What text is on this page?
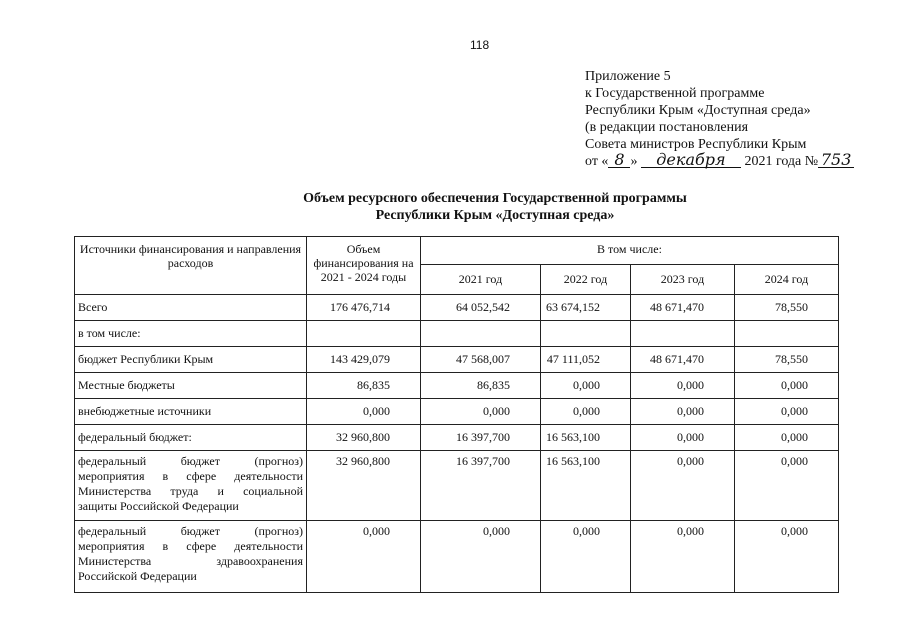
118
Приложение 5
к Государственной программе
Республики Крым «Доступная среда»
(в редакции постановления
Совета министров Республики Крым
от « 8 » декабря 2021 года № 753
Объем ресурсного обеспечения Государственной программы
Республики Крым «Доступная среда»
Источники финансирования и направления расходов	Объем финансирования на 2021 - 2024 годы	В том числе:			
		2021 год	2022 год	2023 год	2024 год
Всего	176 476,714	64 052,542	63 674,152	48 671,470	78,550
в том числе:					
бюджет Республики Крым	143 429,079	47 568,007	47 111,052	48 671,470	78,550
Местные бюджеты	86,835	86,835	0,000	0,000	0,000
внебюджетные источники	0,000	0,000	0,000	0,000	0,000
федеральный бюджет:	32 960,800	16 397,700	16 563,100	0,000	0,000

федеральный бюджет (прогноз)
мероприятия в сфере деятельности
Министерства труда и социальной
защиты Российской Федерации	32 960,800	16 397,700	16 563,100	0,000	0,000

федеральный бюджет (прогноз)
мероприятия в сфере деятельности
Министерства здравоохранения
Российской Федерации	0,000	0,000	0,000	0,000	0,000
